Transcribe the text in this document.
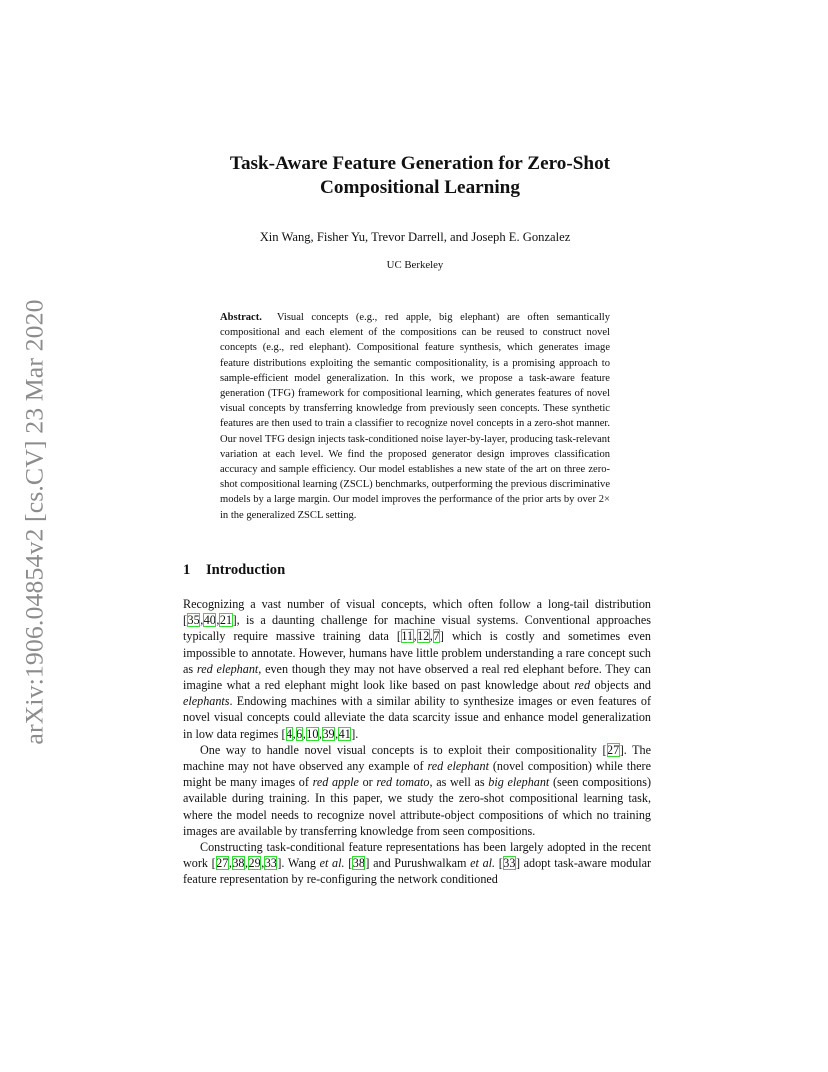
arXiv:1906.04854v2 [cs.CV] 23 Mar 2020
Task-Aware Feature Generation for Zero-Shot
Compositional Learning
Xin Wang, Fisher Yu, Trevor Darrell, and Joseph E. Gonzalez
UC Berkeley

Abstract. Visual concepts (e.g., red apple, big elephant) are often semantically compositional and each element of the compositions can be reused to construct novel concepts (e.g., red elephant). Compositional feature synthesis, which generates image feature distributions exploiting the semantic compositionality, is a promising approach to sample-efficient model generalization. In this work, we propose a task-aware feature generation (TFG) framework for compositional learning, which generates features of novel visual concepts by transferring knowledge from previously seen concepts. These synthetic features are then used to train a classifier to recognize novel concepts in a zero-shot manner. Our novel TFG design injects task-conditioned noise layer-by-layer, producing task-relevant variation at each level. We find the proposed generator design improves classification accuracy and sample efficiency. Our model establishes a new state of the art on three zero-shot compositional learning (ZSCL) benchmarks, outperforming the previous discriminative models by a large margin. Our model improves the performance of the prior arts by over 2× in the generalized ZSCL setting.

1 Introduction

Recognizing a vast number of visual concepts, which often follow a long-tail distribution [35,40,21], is a daunting challenge for machine visual systems. Conventional approaches typically require massive training data [11,12,7] which is costly and sometimes even impossible to annotate. However, humans have little problem understanding a rare concept such as red elephant, even though they may not have observed a real red elephant before. They can imagine what a red elephant might look like based on past knowledge about red objects and elephants. Endowing machines with a similar ability to synthesize images or even features of novel visual concepts could alleviate the data scarcity issue and enhance model generalization in low data regimes [4,6,10,39,41].

One way to handle novel visual concepts is to exploit their compositionality [27]. The machine may not have observed any example of red elephant (novel composition) while there might be many images of red apple or red tomato, as well as big elephant (seen compositions) available during training. In this paper, we study the zero-shot compositional learning task, where the model needs to recognize novel attribute-object compositions of which no training images are available by transferring knowledge from seen compositions.

Constructing task-conditional feature representations has been largely adopted in the recent work [27,38,29,33]. Wang et al. [38] and Purushwalkam et al. [33] adopt task-aware modular feature representation by re-configuring the network conditioned
